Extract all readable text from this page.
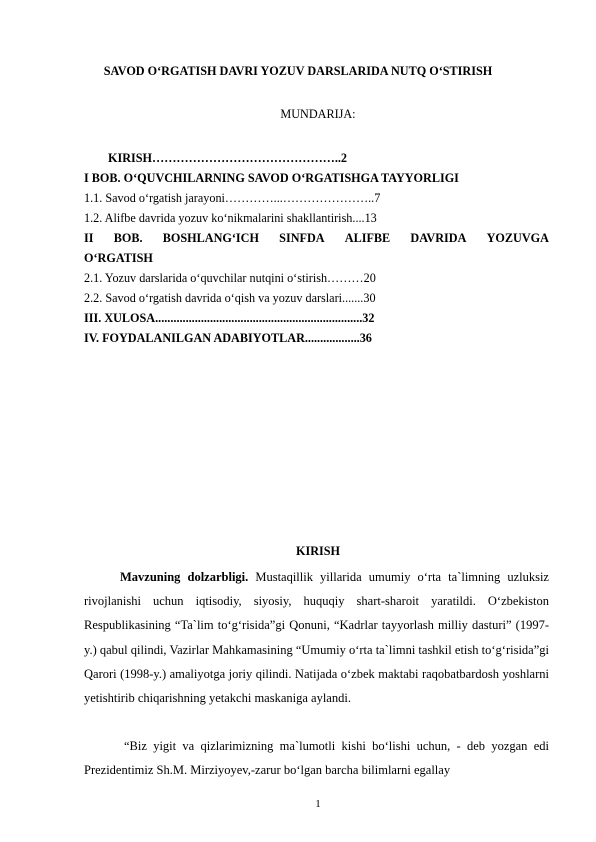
SAVOD O‘RGATISH DAVRI YOZUV DARSLARIDA NUTQ O‘STIRISH
MUNDARIJA:
KIRISH………………………………………..2
I BOB. O‘QUVCHILARNING SAVOD O‘RGATISHGA TAYYORLIGI
1.1. Savod o‘rgatish jarayoni…………...…………………..7
1.2. Alifbe davrida yozuv ko‘nikmalarini shakllantirish....13
II BOB. BOSHLANG‘ICH SINFDA ALIFBE DAVRIDA YOZUVGA
O‘RGATISH
2.1. Yozuv darslarida o‘quvchilar nutqini o‘stirish………20
2.2. Savod o‘rgatish davrida o‘qish va yozuv darslari.......30
III. XULOSA....................................................................32
IV. FOYDALANILGAN ADABIYOTLAR..................36
KIRISH
Mavzuning dolzarbligi. Mustaqillik yillarida umumiy o‘rta ta`limning uzluksiz rivojlanishi uchun iqtisodiy, siyosiy, huquqiy shart-sharoit yaratildi. O‘zbekiston Respublikasining “Ta`lim to‘g‘risida”gi Qonuni, “Kadrlar tayyorlash milliy dasturi” (1997-y.) qabul qilindi, Vazirlar Mahkamasining “Umumiy o‘rta ta`limni tashkil etish to‘g‘risida”gi Qarori (1998-y.) amaliyotga joriy qilindi. Natijada o‘zbek maktabi raqobatbardosh yoshlarni yetishtirib chiqarishning yetakchi maskaniga aylandi.
“Biz yigit va qizlarimizning ma`lumotli kishi bo‘lishi uchun, - deb yozgan edi Prezidentimiz Sh.M. Mirziyoyev,-zarur bo‘lgan barcha bilimlarni egallay
1
